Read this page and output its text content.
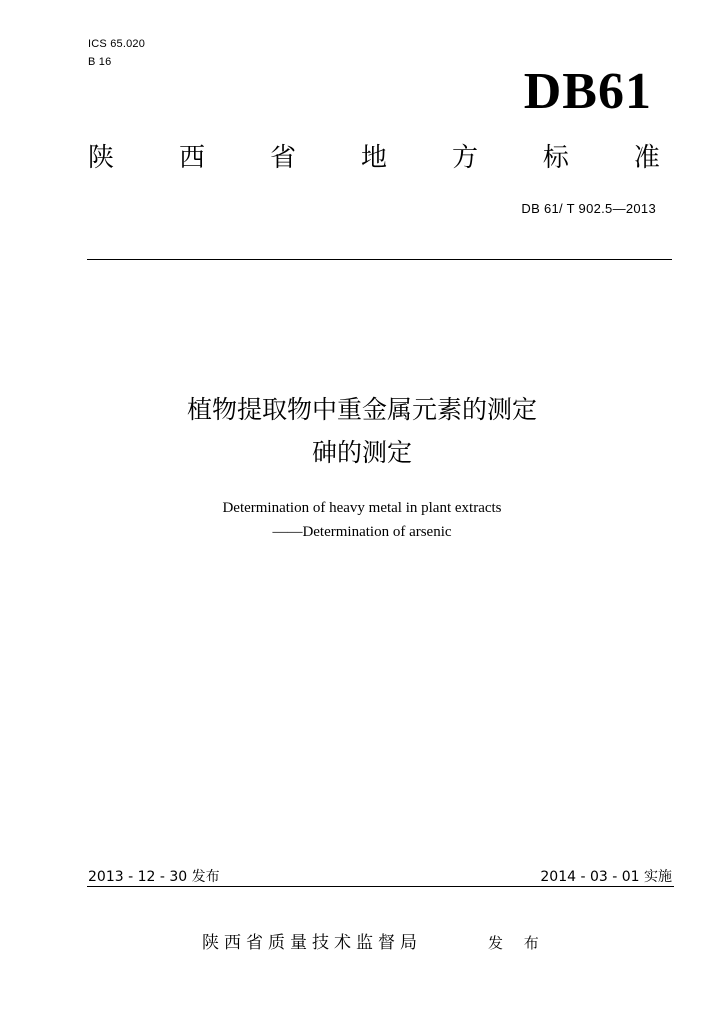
ICS 65.020
B 16
DB61
陕 西 省 地 方 标 准
DB 61/ T 902.5—2013
植物提取物中重金属元素的测定
砷的测定
Determination of heavy metal in plant extracts
——Determination of arsenic
2013 - 12 - 30 发布	2014 - 03 - 01 实施
陕西省质量技术监督局	发 布
